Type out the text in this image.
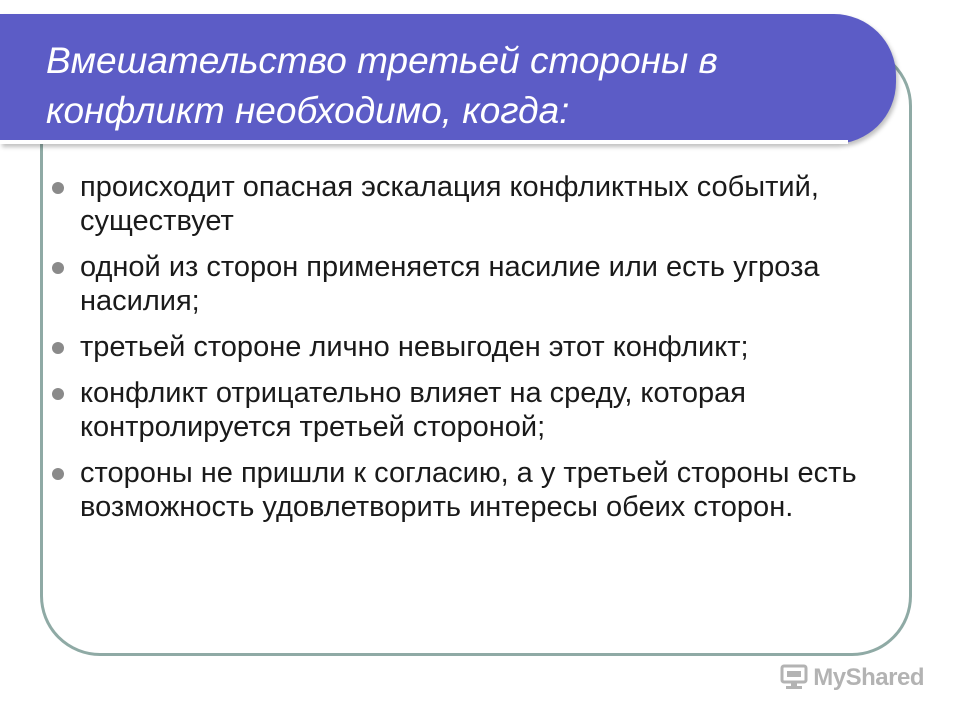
Вмешательство третьей стороны в конфликт необходимо, когда:
происходит опасная эскалация конфликтных событий, существует
одной из сторон применяется насилие или есть угроза насилия;
третьей стороне лично невыгоден этот конфликт;
конфликт отрицательно влияет на среду, которая контролируется третьей стороной;
стороны не пришли к согласию, а у третьей стороны есть возможность удовлетворить интересы обеих сторон.
MyShared
